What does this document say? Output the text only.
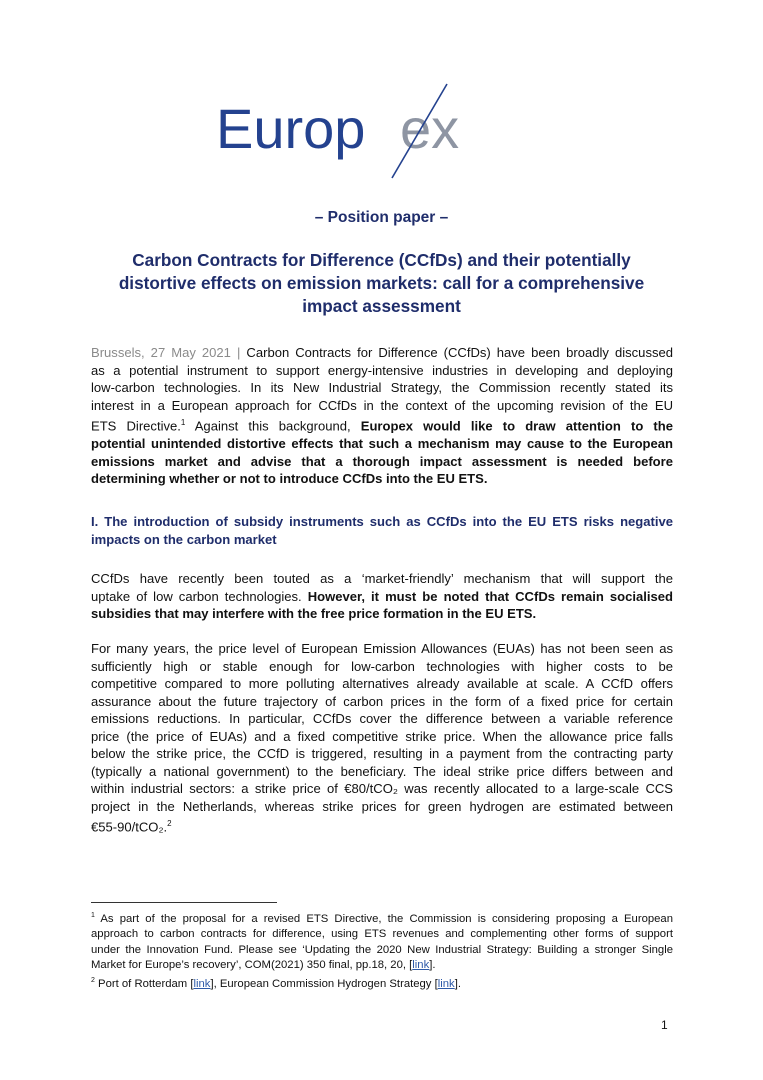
Europ ex
– Position paper –
Carbon Contracts for Difference (CCfDs) and their potentially
distortive effects on emission markets: call for a comprehensive
impact assessment
Brussels, 27 May 2021 | Carbon Contracts for Difference (CCfDs) have been broadly discussed
as a potential instrument to support energy-intensive industries in developing and deploying
low-carbon technologies. In its New Industrial Strategy, the Commission recently stated its
interest in a European approach for CCfDs in the context of the upcoming revision of the EU
ETS Directive.$^1$ Against this background, Europex would like to draw attention to the
potential unintended distortive effects that such a mechanism may cause to the European
emissions market and advise that a thorough impact assessment is needed before
determining whether or not to introduce CCfDs into the EU ETS.
I. The introduction of subsidy instruments such as CCfDs into the EU ETS risks negative
impacts on the carbon market
CCfDs have recently been touted as a ‘market-friendly’ mechanism that will support the
uptake of low carbon technologies. However, it must be noted that CCfDs remain socialised
subsidies that may interfere with the free price formation in the EU ETS.
For many years, the price level of European Emission Allowances (EUAs) has not been seen as
sufficiently high or stable enough for low-carbon technologies with higher costs to be
competitive compared to more polluting alternatives already available at scale. A CCfD offers
assurance about the future trajectory of carbon prices in the form of a fixed price for certain
emissions reductions. In particular, CCfDs cover the difference between a variable reference
price (the price of EUAs) and a fixed competitive strike price. When the allowance price falls
below the strike price, the CCfD is triggered, resulting in a payment from the contracting party
(typically a national government) to the beneficiary. The ideal strike price differs between and
within industrial sectors: a strike price of €80/tCO₂ was recently allocated to a large-scale CCS
project in the Netherlands, whereas strike prices for green hydrogen are estimated between
€55-90/tCO₂.$^2$
$^1$ As part of the proposal for a revised ETS Directive, the Commission is considering proposing a European
approach to carbon contracts for difference, using ETS revenues and complementing other forms of support
under the Innovation Fund. Please see ‘Updating the 2020 New Industrial Strategy: Building a stronger Single
Market for Europe’s recovery’, COM(2021) 350 final, pp.18, 20, [link].
$^2$ Port of Rotterdam [link], European Commission Hydrogen Strategy [link].
1
